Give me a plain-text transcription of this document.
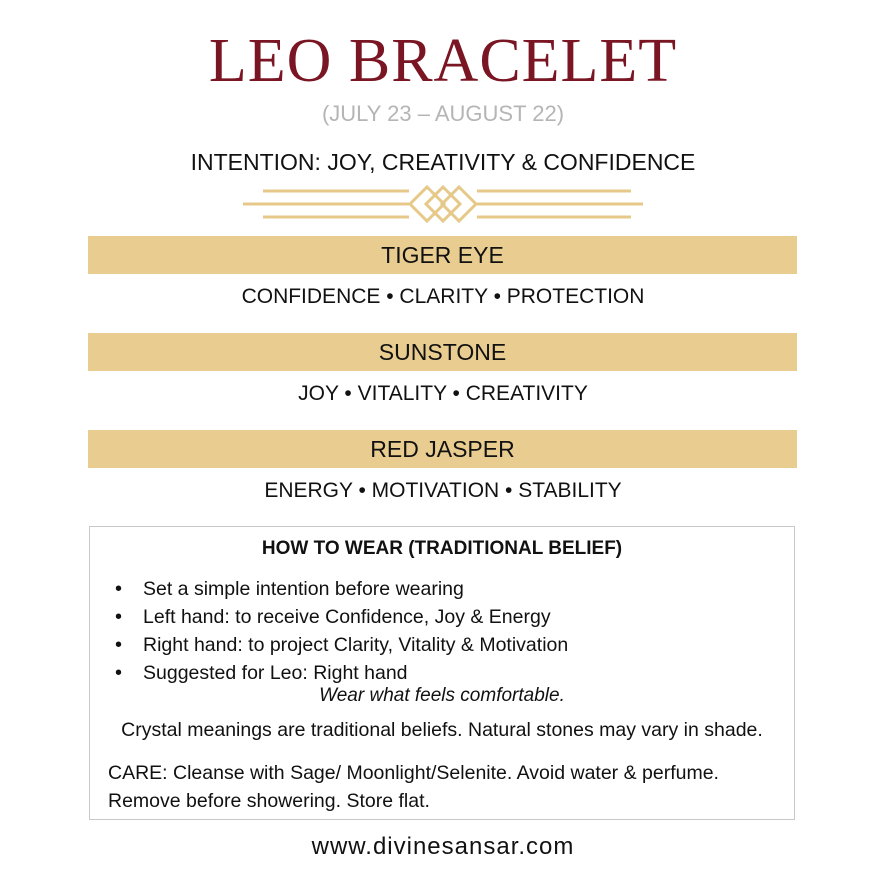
LEO BRACELET
(JULY 23 – AUGUST 22)
INTENTION: JOY, CREATIVITY & CONFIDENCE
TIGER EYE
CONFIDENCE • CLARITY • PROTECTION
SUNSTONE
JOY • VITALITY • CREATIVITY
RED JASPER
ENERGY • MOTIVATION • STABILITY
HOW TO WEAR (TRADITIONAL BELIEF)
• Set a simple intention before wearing
• Left hand: to receive Confidence, Joy & Energy
• Right hand: to project Clarity, Vitality & Motivation
• Suggested for Leo: Right hand
Wear what feels comfortable.
Crystal meanings are traditional beliefs. Natural stones may vary in shade.
CARE: Cleanse with Sage/ Moonlight/Selenite. Avoid water & perfume.
Remove before showering. Store flat.
www.divinesansar.com
